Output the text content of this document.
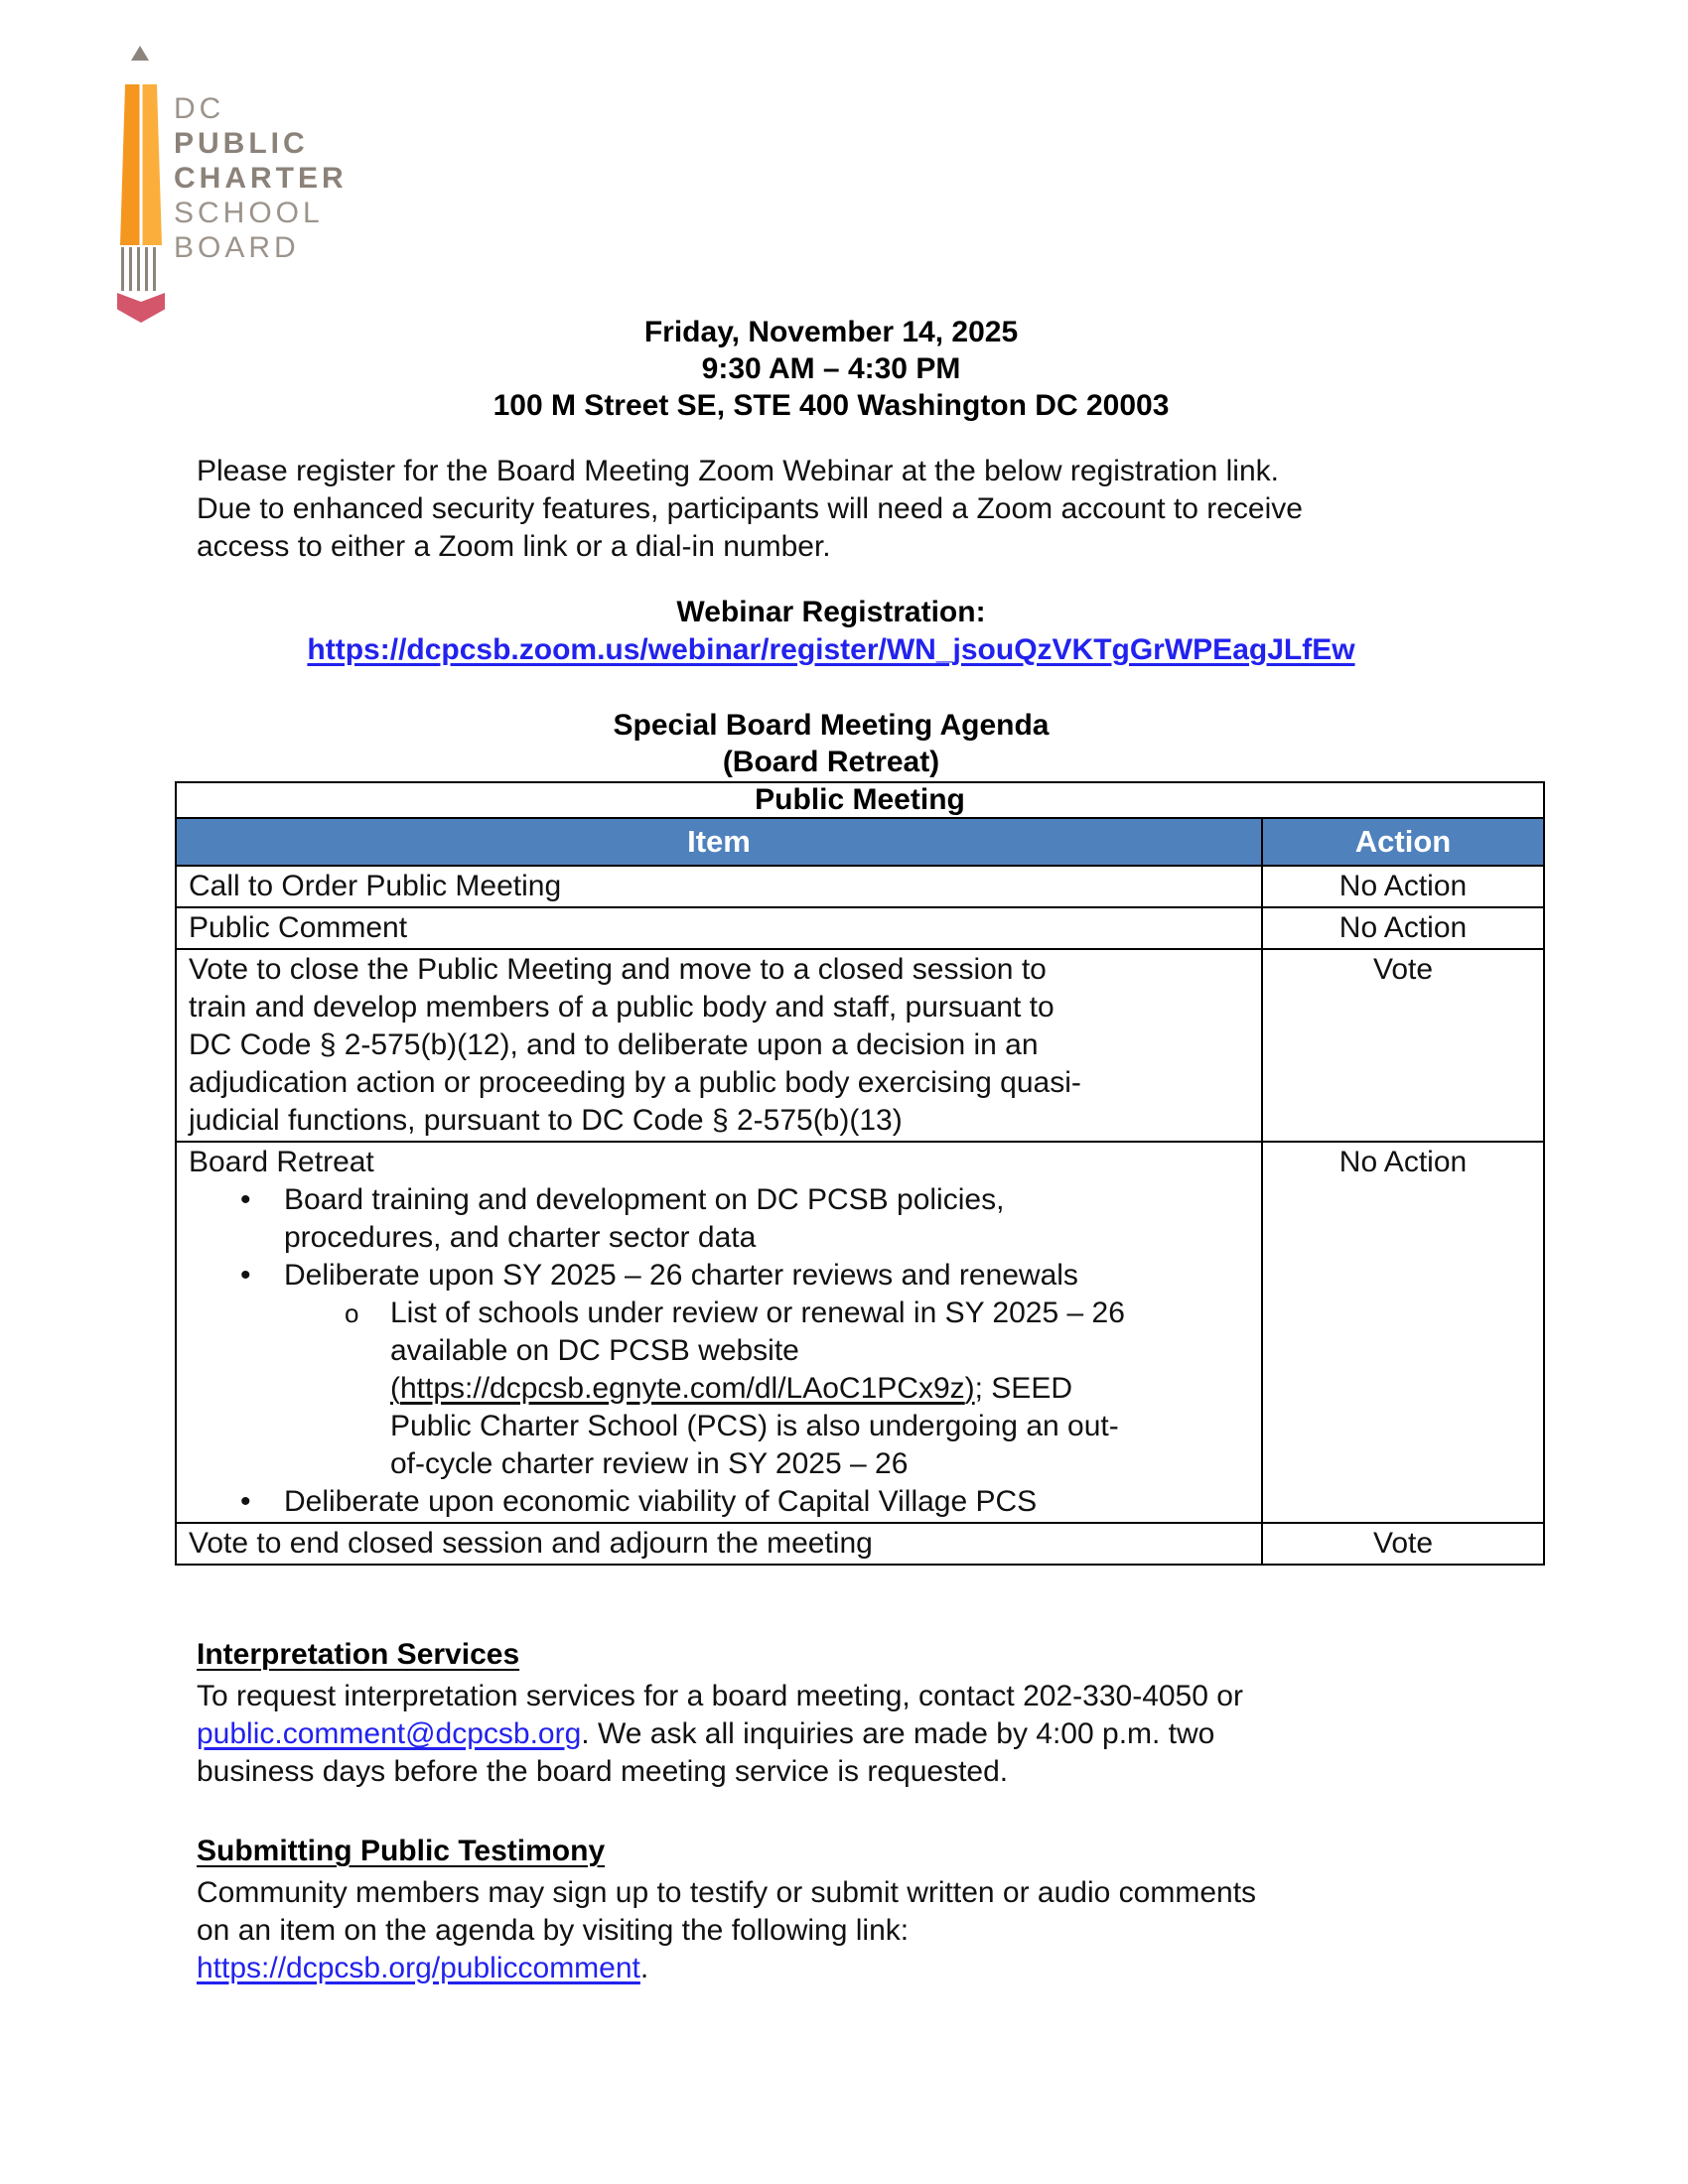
DC
PUBLIC
CHARTER
SCHOOL
BOARD
Friday, November 14, 2025
9:30 AM – 4:30 PM
100 M Street SE, STE 400 Washington DC 20003
Please register for the Board Meeting Zoom Webinar at the below registration link.
Due to enhanced security features, participants will need a Zoom account to receive
access to either a Zoom link or a dial-in number.
Webinar Registration:
https://dcpcsb.zoom.us/webinar/register/WN_jsouQzVKTgGrWPEagJLfEw
Special Board Meeting Agenda
(Board Retreat)
Public Meeting	
Item	Action
Call to Order Public Meeting	No Action
Public Comment	No Action

Vote to close the Public Meeting and move to a closed session to
train and develop members of a public body and staff, pursuant to
DC Code § 2-575(b)(12), and to deliberate upon a decision in an
adjudication action or proceeding by a public body exercising quasi-
judicial functions, pursuant to DC Code § 2-575(b)(13)	Vote

Board Retreat
• Board training and development on DC PCSB policies,
procedures, and charter sector data
• Deliberate upon SY 2025 – 26 charter reviews and renewals
o List of schools under review or renewal in SY 2025 – 26
available on DC PCSB website
(https://dcpcsb.egnyte.com/dl/LAoC1PCx9z); SEED
Public Charter School (PCS) is also undergoing an out-
of-cycle charter review in SY 2025 – 26
• Deliberate upon economic viability of Capital Village PCS
	No Action
Vote to end closed session and adjourn the meeting	Vote
Interpretation Services
To request interpretation services for a board meeting, contact 202-330-4050 or
public.comment@dcpcsb.org. We ask all inquiries are made by 4:00 p.m. two
business days before the board meeting service is requested.
Submitting Public Testimony
Community members may sign up to testify or submit written or audio comments
on an item on the agenda by visiting the following link:
https://dcpcsb.org/publiccomment.
